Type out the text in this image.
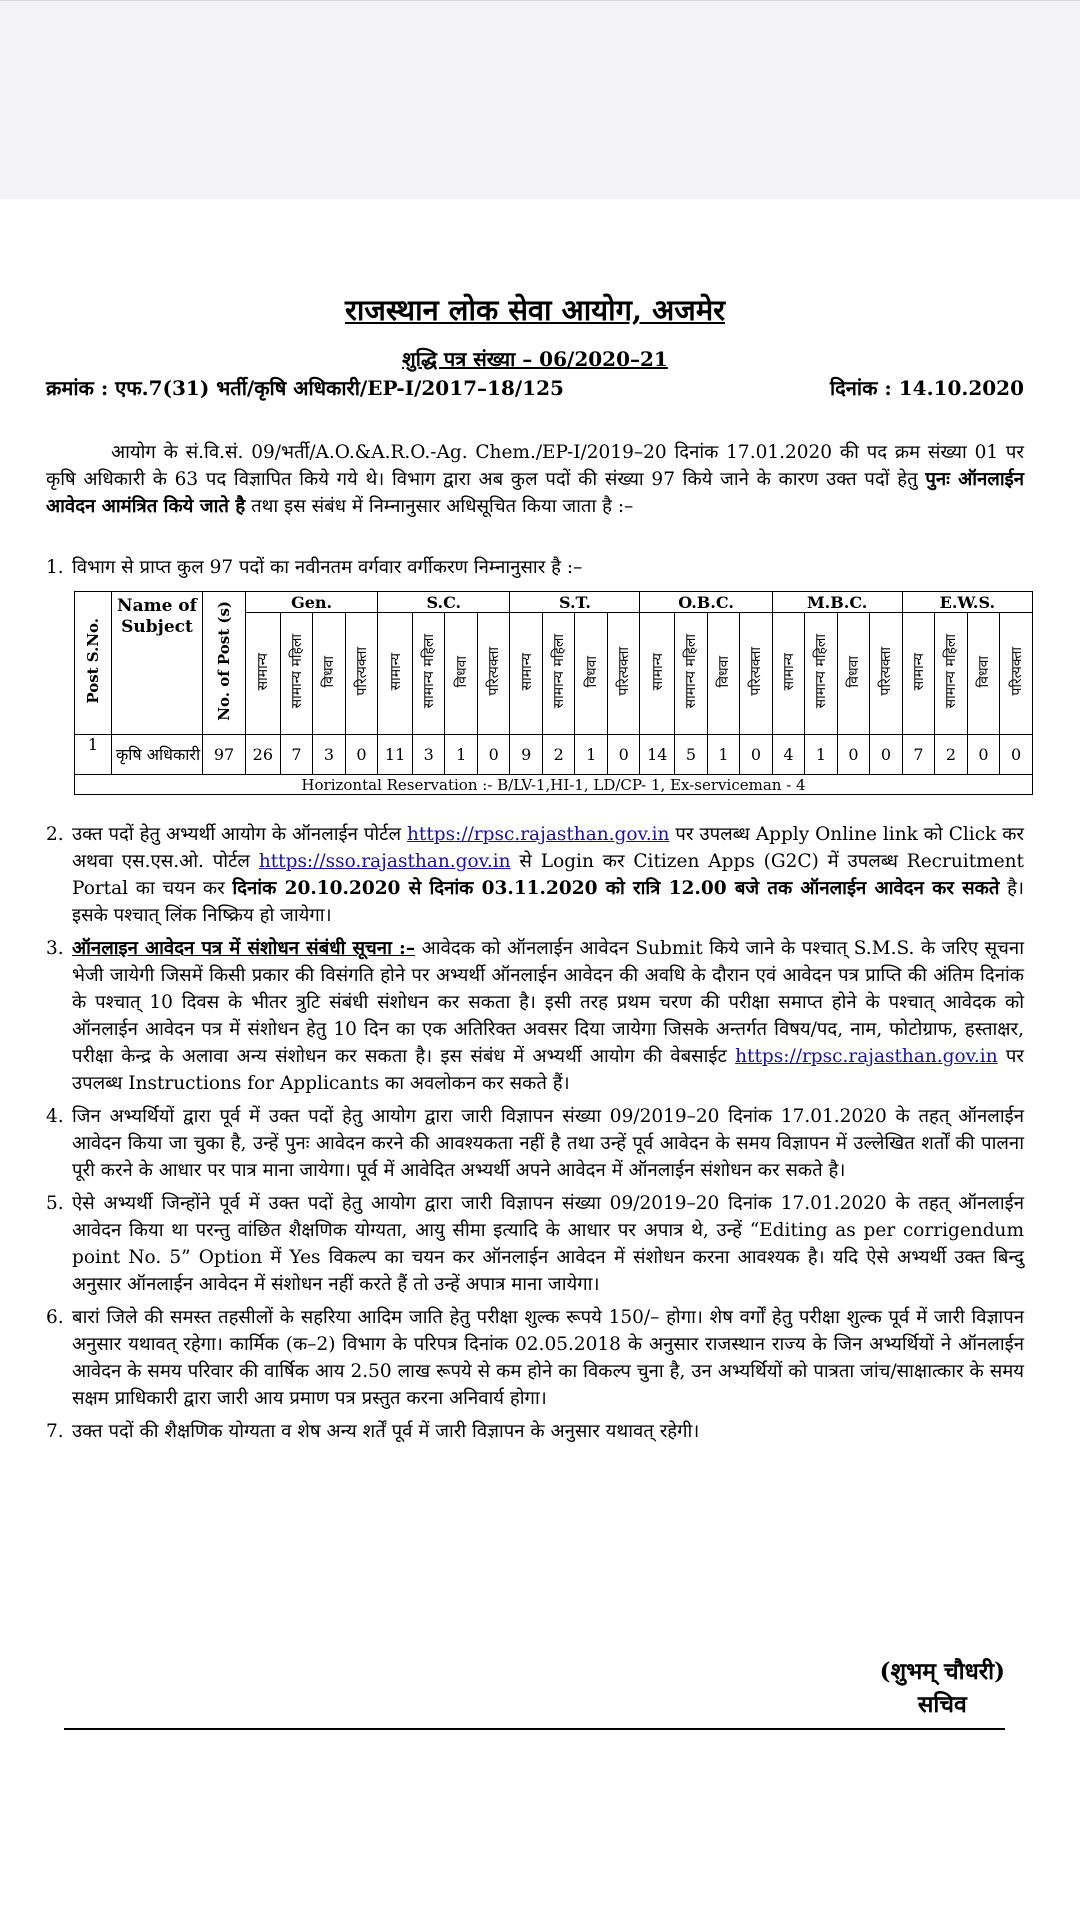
राजस्थान लोक सेवा आयोग, अजमेर
शुद्धि पत्र संख्या – 06/2020–21
क्रमांक : एफ.7(31) भर्ती/कृषि अधिकारी/EP-I/2017–18/125	दिनांक : 14.10.2020

आयोग के सं.वि.सं. 09/भर्ती/A.O.&A.R.O.-Ag. Chem./EP-I/2019–20 दिनांक 17.01.2020 की पद क्रम संख्या 01 पर कृषि अधिकारी के 63 पद विज्ञापित किये गये थे। विभाग द्वारा अब कुल पदों की संख्या 97 किये जाने के कारण उक्त पदों हेतु पुनः ऑनलाईन आवेदन आमंत्रित किये जाते है तथा इस संबंध में निम्नानुसार अधिसूचित किया जाता है :–

1. विभाग से प्राप्त कुल 97 पदों का नवीनतम वर्गवार वर्गीकरण निम्नानुसार है :–
Post S.No.	Name of Subject	No. of Post (s)	Gen.				S.C.				S.T.				O.B.C.				M.B.C.				E.W.S.			
			सामान्य	सामान्य महिला	विधवा	परित्यक्ता	सामान्य	सामान्य महिला	विधवा	परित्यक्ता	सामान्य	सामान्य महिला	विधवा	परित्यक्ता	सामान्य	सामान्य महिला	विधवा	परित्यक्ता	सामान्य	सामान्य महिला	विधवा	परित्यक्ता	सामान्य	सामान्य महिला	विधवा	परित्यक्ता
1	कृषि अधिकारी	97	26	7	3	0	11	3	1	0	9	2	1	0	14	5	1	0	4	1	0	0	7	2	0	0
Horizontal Reservation :- B/LV-1,HI-1, LD/CP- 1, Ex-serviceman - 4																										
2. उक्त पदों हेतु अभ्यर्थी आयोग के ऑनलाईन पोर्टल https://rpsc.rajasthan.gov.in पर उपलब्ध Apply Online link को Click कर अथवा एस.एस.ओ. पोर्टल https://sso.rajasthan.gov.in से Login कर Citizen Apps (G2C) में उपलब्ध Recruitment Portal का चयन कर दिनांक 20.10.2020 से दिनांक 03.11.2020 को रात्रि 12.00 बजे तक ऑनलाईन आवेदन कर सकते है। इसके पश्चात् लिंक निष्क्रिय हो जायेगा।
3. ऑनलाइन आवेदन पत्र में संशोधन संबंधी सूचना :– आवेदक को ऑनलाईन आवेदन Submit किये जाने के पश्चात् S.M.S. के जरिए सूचना भेजी जायेगी जिसमें किसी प्रकार की विसंगति होने पर अभ्यर्थी ऑनलाईन आवेदन की अवधि के दौरान एवं आवेदन पत्र प्राप्ति की अंतिम दिनांक के पश्चात् 10 दिवस के भीतर त्रुटि संबंधी संशोधन कर सकता है। इसी तरह प्रथम चरण की परीक्षा समाप्त होने के पश्चात् आवेदक को ऑनलाईन आवेदन पत्र में संशोधन हेतु 10 दिन का एक अतिरिक्त अवसर दिया जायेगा जिसके अन्तर्गत विषय/पद, नाम, फोटोग्राफ, हस्ताक्षर, परीक्षा केन्द्र के अलावा अन्य संशोधन कर सकता है। इस संबंध में अभ्यर्थी आयोग की वेबसाईट https://rpsc.rajasthan.gov.in पर उपलब्ध Instructions for Applicants का अवलोकन कर सकते हैं।
4. जिन अभ्यर्थियों द्वारा पूर्व में उक्त पदों हेतु आयोग द्वारा जारी विज्ञापन संख्या 09/2019–20 दिनांक 17.01.2020 के तहत् ऑनलाईन आवेदन किया जा चुका है, उन्हें पुनः आवेदन करने की आवश्यकता नहीं है तथा उन्हें पूर्व आवेदन के समय विज्ञापन में उल्लेखित शर्तों की पालना पूरी करने के आधार पर पात्र माना जायेगा। पूर्व में आवेदित अभ्यर्थी अपने आवेदन में ऑनलाईन संशोधन कर सकते है।
5. ऐसे अभ्यर्थी जिन्होंने पूर्व में उक्त पदों हेतु आयोग द्वारा जारी विज्ञापन संख्या 09/2019–20 दिनांक 17.01.2020 के तहत् ऑनलाईन आवेदन किया था परन्तु वांछित शैक्षणिक योग्यता, आयु सीमा इत्यादि के आधार पर अपात्र थे, उन्हें “Editing as per corrigendum point No. 5” Option में Yes विकल्प का चयन कर ऑनलाईन आवेदन में संशोधन करना आवश्यक है। यदि ऐसे अभ्यर्थी उक्त बिन्दु अनुसार ऑनलाईन आवेदन में संशोधन नहीं करते हैं तो उन्हें अपात्र माना जायेगा।
6. बारां जिले की समस्त तहसीलों के सहरिया आदिम जाति हेतु परीक्षा शुल्क रूपये 150/– होगा। शेष वर्गों हेतु परीक्षा शुल्क पूर्व में जारी विज्ञापन अनुसार यथावत् रहेगा। कार्मिक (क–2) विभाग के परिपत्र दिनांक 02.05.2018 के अनुसार राजस्थान राज्य के जिन अभ्यर्थियों ने ऑनलाईन आवेदन के समय परिवार की वार्षिक आय 2.50 लाख रूपये से कम होने का विकल्प चुना है, उन अभ्यर्थियों को पात्रता जांच/साक्षात्कार के समय सक्षम प्राधिकारी द्वारा जारी आय प्रमाण पत्र प्रस्तुत करना अनिवार्य होगा।
7. उक्त पदों की शैक्षणिक योग्यता व शेष अन्य शर्तें पूर्व में जारी विज्ञापन के अनुसार यथावत् रहेगी।
(शुभम् चौधरी)
सचिव
